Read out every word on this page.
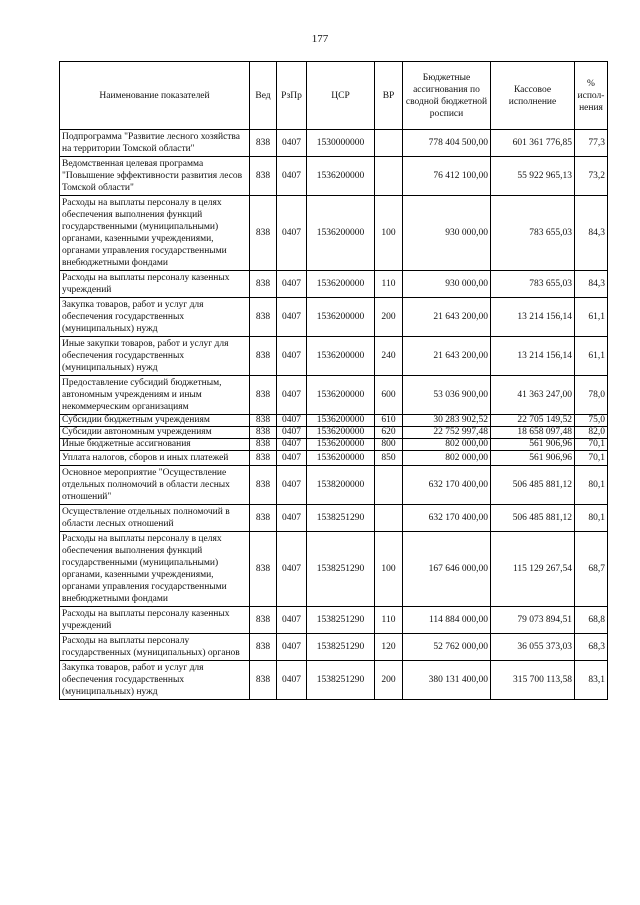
177
Наименование показателей	Вед	РзПр	ЦСР	ВР	Бюджетные ассигнования по сводной бюджетной росписи	Кассовое исполнение	% испол-нения
Подпрограмма "Развитие лесного хозяйства на территории Томской области"	838	0407	1530000000		778 404 500,00	601 361 776,85	77,3
Ведомственная целевая программа "Повышение эффективности развития лесов Томской области"	838	0407	1536200000		76 412 100,00	55 922 965,13	73,2
Расходы на выплаты персоналу в целях обеспечения выполнения функций государственными (муниципальными) органами, казенными учреждениями, органами управления государственными внебюджетными фондами	838	0407	1536200000	100	930 000,00	783 655,03	84,3
Расходы на выплаты персоналу казенных учреждений	838	0407	1536200000	110	930 000,00	783 655,03	84,3
Закупка товаров, работ и услуг для обеспечения государственных (муниципальных) нужд	838	0407	1536200000	200	21 643 200,00	13 214 156,14	61,1
Иные закупки товаров, работ и услуг для обеспечения государственных (муниципальных) нужд	838	0407	1536200000	240	21 643 200,00	13 214 156,14	61,1
Предоставление субсидий бюджетным, автономным учреждениям и иным некоммерческим организациям	838	0407	1536200000	600	53 036 900,00	41 363 247,00	78,0
Субсидии бюджетным учреждениям	838	0407	1536200000	610	30 283 902,52	22 705 149,52	75,0
Субсидии автономным учреждениям	838	0407	1536200000	620	22 752 997,48	18 658 097,48	82,0
Иные бюджетные ассигнования	838	0407	1536200000	800	802 000,00	561 906,96	70,1
Уплата налогов, сборов и иных платежей	838	0407	1536200000	850	802 000,00	561 906,96	70,1
Основное мероприятие "Осуществление отдельных полномочий в области лесных отношений"	838	0407	1538200000		632 170 400,00	506 485 881,12	80,1
Осуществление отдельных полномочий в области лесных отношений	838	0407	1538251290		632 170 400,00	506 485 881,12	80,1
Расходы на выплаты персоналу в целях обеспечения выполнения функций государственными (муниципальными) органами, казенными учреждениями, органами управления государственными внебюджетными фондами	838	0407	1538251290	100	167 646 000,00	115 129 267,54	68,7
Расходы на выплаты персоналу казенных учреждений	838	0407	1538251290	110	114 884 000,00	79 073 894,51	68,8
Расходы на выплаты персоналу государственных (муниципальных) органов	838	0407	1538251290	120	52 762 000,00	36 055 373,03	68,3
Закупка товаров, работ и услуг для обеспечения государственных (муниципальных) нужд	838	0407	1538251290	200	380 131 400,00	315 700 113,58	83,1
